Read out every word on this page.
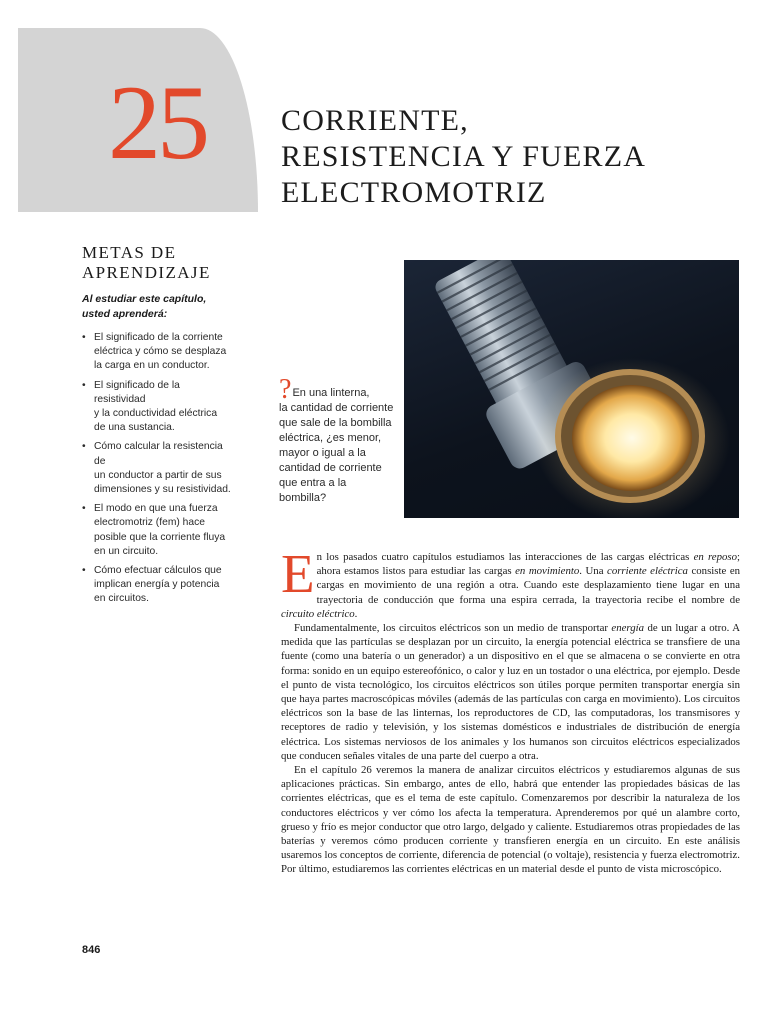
25	CORRIENTE,
RESISTENCIA Y FUERZA
ELECTROMOTRIZ
METAS DE
APRENDIZAJE
Al estudiar este capítulo,
usted aprenderá:
• El significado de la corriente
eléctrica y cómo se desplaza
la carga en un conductor.
• El significado de la resistividad
y la conductividad eléctrica
de una sustancia.
• Cómo calcular la resistencia de
un conductor a partir de sus
dimensiones y su resistividad.
• El modo en que una fuerza
electromotriz (fem) hace
posible que la corriente fluya
en un circuito.
• Cómo efectuar cálculos que
implican energía y potencia
en circuitos.
?En una linterna,
la cantidad de corriente
que sale de la bombilla
eléctrica, ¿es menor,
mayor o igual a la
cantidad de corriente
que entra a la
bombilla?

En los pasados cuatro capítulos estudiamos las interacciones de las cargas eléctricas en reposo; ahora estamos listos para estudiar las cargas en movimiento. Una corriente eléctrica consiste en cargas en movimiento de una región a otra. Cuando este desplazamiento tiene lugar en una trayectoria de conducción que forma una espira cerrada, la trayectoria recibe el nombre de circuito eléctrico.

Fundamentalmente, los circuitos eléctricos son un medio de transportar energía de un lugar a otro. A medida que las partículas se desplazan por un circuito, la energía potencial eléctrica se transfiere de una fuente (como una batería o un generador) a un dispositivo en el que se almacena o se convierte en otra forma: sonido en un equipo estereofónico, o calor y luz en un tostador o una eléctrica, por ejemplo. Desde el punto de vista tecnológico, los circuitos eléctricos son útiles porque permiten transportar energía sin que haya partes macroscópicas móviles (además de las partículas con carga en movimiento). Los circuitos eléctricos son la base de las linternas, los reproductores de CD, las computadoras, los transmisores y receptores de radio y televisión, y los sistemas domésticos e industriales de distribución de energía eléctrica. Los sistemas nerviosos de los animales y los humanos son circuitos eléctricos especializados que conducen señales vitales de una parte del cuerpo a otra.

En el capítulo 26 veremos la manera de analizar circuitos eléctricos y estudiaremos algunas de sus aplicaciones prácticas. Sin embargo, antes de ello, habrá que entender las propiedades básicas de las corrientes eléctricas, que es el tema de este capítulo. Comenzaremos por describir la naturaleza de los conductores eléctricos y ver cómo los afecta la temperatura. Aprenderemos por qué un alambre corto, grueso y frío es mejor conductor que otro largo, delgado y caliente. Estudiaremos otras propiedades de las baterías y veremos cómo producen corriente y transfieren energía en un circuito. En este análisis usaremos los conceptos de corriente, diferencia de potencial (o voltaje), resistencia y fuerza electromotriz. Por último, estudiaremos las corrientes eléctricas en un material desde el punto de vista microscópico.

846
